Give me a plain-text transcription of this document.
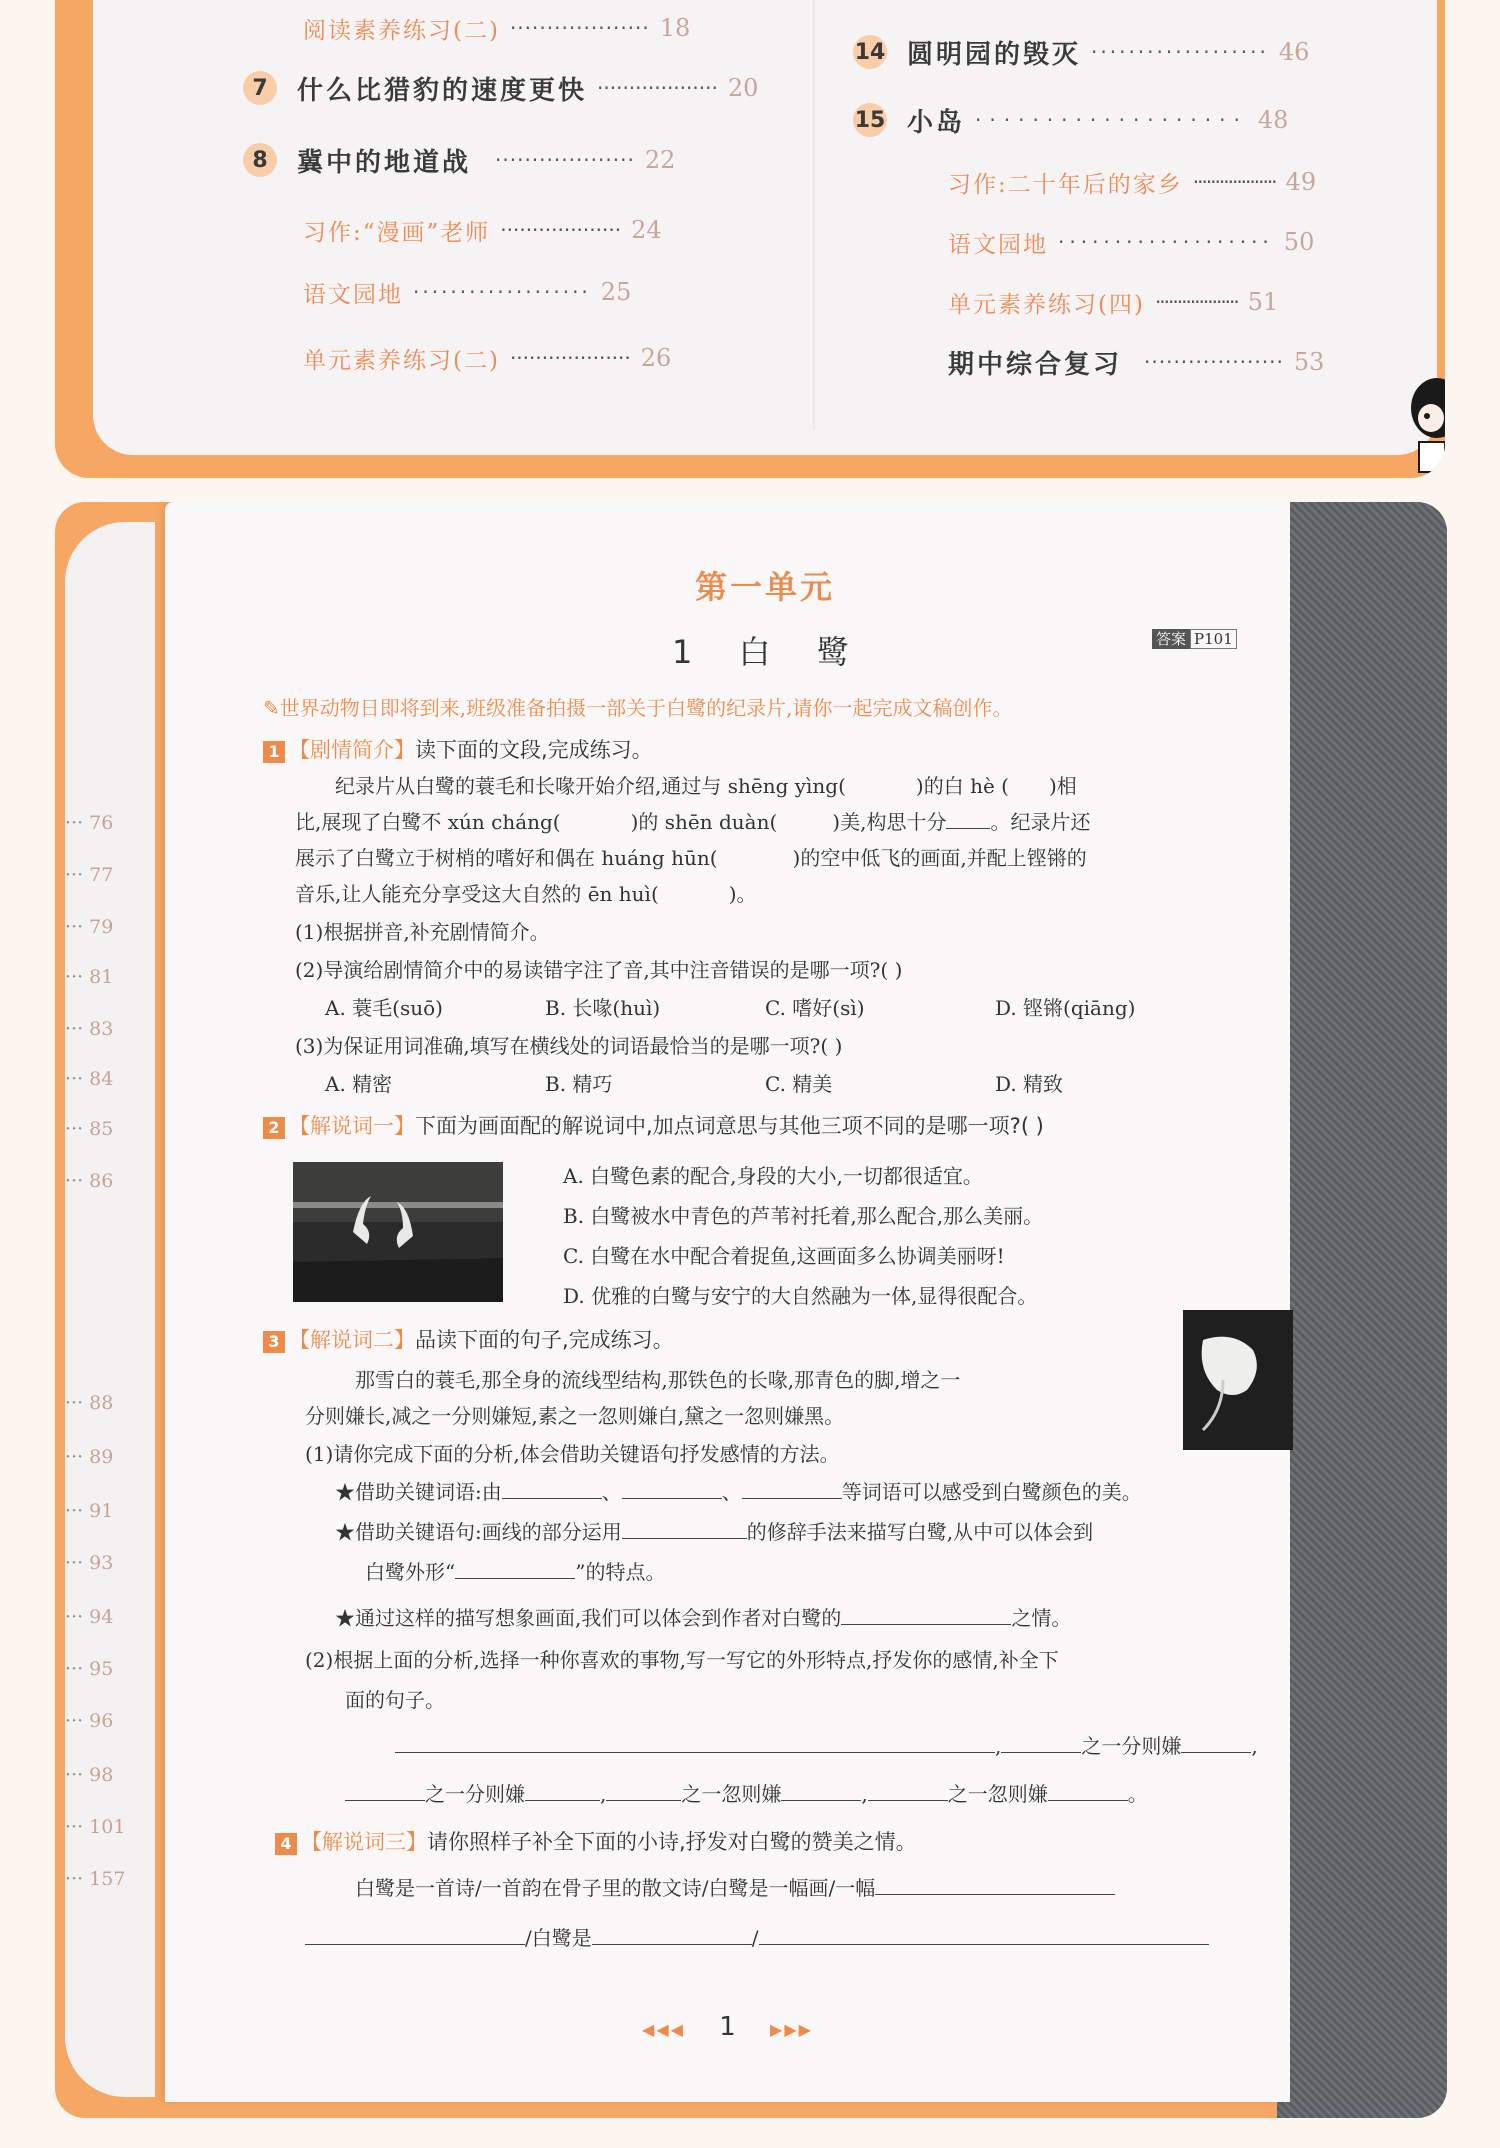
阅读素养练习(二) ··················· 18
7	什么比猎豹的速度更快 ··················· 20
8	冀中的地道战 ··················· 22
习作:“漫画”老师 ··················· 24
语文园地 ··················· 25
单元素养练习(二) ··················· 26
14 圆明园的毁灭 ··················· 46
15 小岛 ··················· 48
习作:二十年后的家乡 ··················· 49
语文园地 ··················· 50
单元素养练习(四) ··················· 51
期中综合复习 ··················· 53
··· 76
··· 77
··· 79
··· 81
··· 83
··· 84
··· 85
··· 86
··· 88
··· 89
··· 91
··· 93
··· 94
··· 95
··· 96
··· 98
··· 101
··· 157
第一单元
1 白 鹭	答案 P101
✎世界动物日即将到来,班级准备拍摄一部关于白鹭的纪录片,请你一起完成文稿创作。
1 【剧情简介】读下面的文段,完成练习。
纪录片从白鹭的蓑毛和长喙开始介绍,通过与 shēng yìng(	)的白 hè ( )相
比,展现了白鹭不 xún cháng(	)的 shēn duàn(	)美,构思十分 。纪录片还
展示了白鹭立于树梢的嗜好和偶在 huáng hūn(	)的空中低飞的画面,并配上铿锵的
音乐,让人能充分享受这大自然的 ēn huì(	)。
(1)根据拼音,补充剧情简介。
(2)导演给剧情简介中的易读错字注了音,其中注音错误的是哪一项?( )
A. 蓑毛(suō)	B. 长喙(huì)	C. 嗜好(sì)	D. 铿锵(qiāng)
(3)为保证用词准确,填写在横线处的词语最恰当的是哪一项?( )
A. 精密	B. 精巧	C. 精美	D. 精致
2 【解说词一】下面为画面配的解说词中,加点词意思与其他三项不同的是哪一项?( )
A. 白鹭色素的配合,身段的大小,一切都很适宜。
B. 白鹭被水中青色的芦苇衬托着,那么配合,那么美丽。
C. 白鹭在水中配合着捉鱼,这画面多么协调美丽呀!
D. 优雅的白鹭与安宁的大自然融为一体,显得很配合。
3 【解说词二】品读下面的句子,完成练习。
那雪白的蓑毛,那全身的流线型结构,那铁色的长喙,那青色的脚,增之一
分则嫌长,减之一分则嫌短,素之一忽则嫌白,黛之一忽则嫌黑。
(1)请你完成下面的分析,体会借助关键语句抒发感情的方法。
★借助关键词语:由	、	、	等词语可以感受到白鹭颜色的美。
★借助关键语句:画线的部分运用	的修辞手法来描写白鹭,从中可以体会到
白鹭外形“	”的特点。
★通过这样的描写想象画面,我们可以体会到作者对白鹭的	之情。
(2)根据上面的分析,选择一种你喜欢的事物,写一写它的外形特点,抒发你的感情,补全下
面的句子。
,	之一分则嫌	,
之一分则嫌	,	之一忽则嫌	,	之一忽则嫌	。
4 【解说词三】请你照样子补全下面的小诗,抒发对白鹭的赞美之情。
白鹭是一首诗/一首韵在骨子里的散文诗/白鹭是一幅画/一幅
/白鹭是	/
◀◀◀ 1 ▶▶▶
